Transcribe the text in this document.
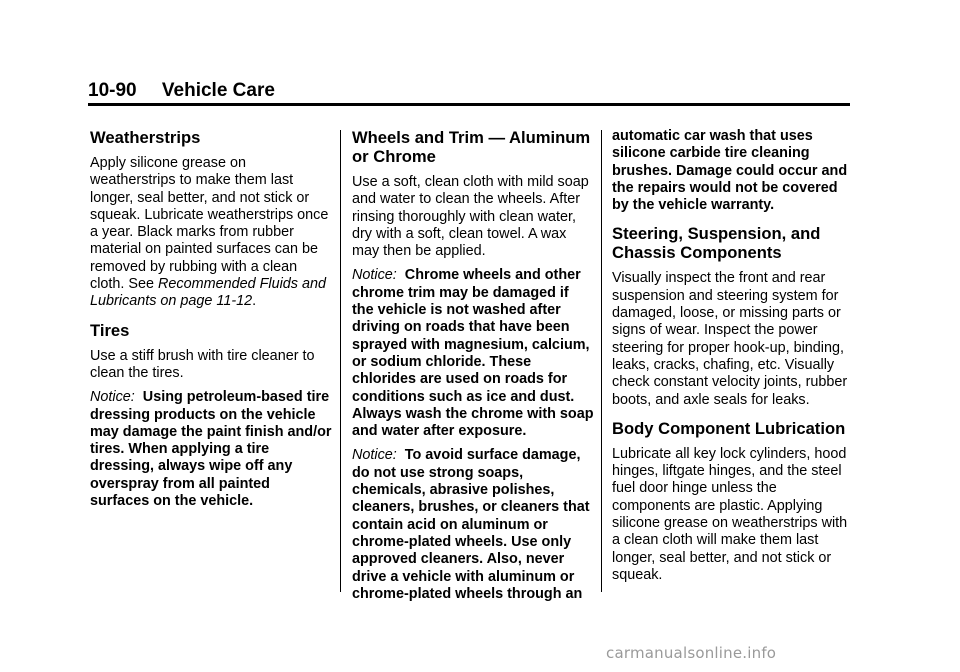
10-90 Vehicle Care
Weatherstrips

Apply silicone grease on weatherstrips to make them last longer, seal better, and not stick or squeak. Lubricate weatherstrips once a year. Black marks from rubber material on painted surfaces can be removed by rubbing with a clean cloth. See Recommended Fluids and Lubricants on page 11-12.

Tires

Use a stiff brush with tire cleaner to clean the tires.

Notice: Using petroleum-based tire dressing products on the vehicle may damage the paint finish and/or tires. When applying a tire dressing, always wipe off any overspray from all painted surfaces on the vehicle.

Wheels and Trim — Aluminum or Chrome

Use a soft, clean cloth with mild soap and water to clean the wheels. After rinsing thoroughly with clean water, dry with a soft, clean towel. A wax may then be applied.

Notice: Chrome wheels and other chrome trim may be damaged if the vehicle is not washed after driving on roads that have been sprayed with magnesium, calcium, or sodium chloride. These chlorides are used on roads for conditions such as ice and dust. Always wash the chrome with soap and water after exposure.

Notice: To avoid surface damage, do not use strong soaps, chemicals, abrasive polishes, cleaners, brushes, or cleaners that contain acid on aluminum or chrome-plated wheels. Use only approved cleaners. Also, never drive a vehicle with aluminum or chrome-plated wheels through an

automatic car wash that uses silicone carbide tire cleaning brushes. Damage could occur and the repairs would not be covered by the vehicle warranty.

Steering, Suspension, and Chassis Components

Visually inspect the front and rear suspension and steering system for damaged, loose, or missing parts or signs of wear. Inspect the power steering for proper hook-up, binding, leaks, cracks, chafing, etc. Visually check constant velocity joints, rubber boots, and axle seals for leaks.

Body Component Lubrication

Lubricate all key lock cylinders, hood hinges, liftgate hinges, and the steel fuel door hinge unless the components are plastic. Applying silicone grease on weatherstrips with a clean cloth will make them last longer, seal better, and not stick or squeak.

carmanualsonline.info
